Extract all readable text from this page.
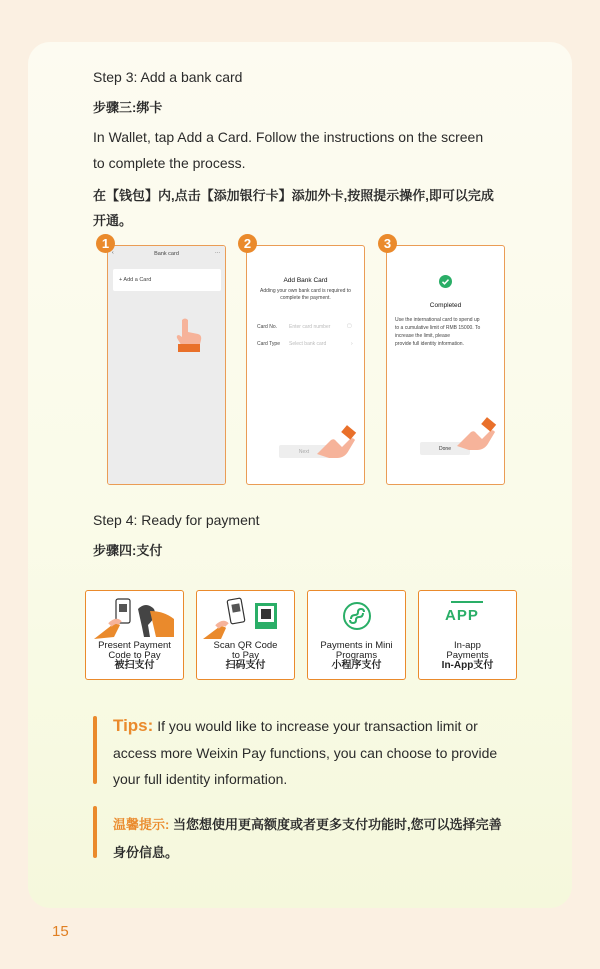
Step 3: Add a bank card
步骤三:绑卡
In Wallet, tap Add a Card. Follow the instructions on the screen
to complete the process.
在【钱包】内,点击【添加银行卡】添加外卡,按照提示操作,即可以完成
开通。
‹	Bank card	···
+ Add a Card	Add Bank Card
Adding your own bank card is required to
complete the payment.
Card No. Enter card number	▢
Card Type Select bank card	›
Next
Completed
Use the international card to spend up
to a cumulative limit of RMB 15000. To
increase the limit, please
provide full identity information.
Done
1	2	3
Step 4: Ready for payment
步骤四:支付
Present Payment
Code to Pay
被扫支付
Scan QR Code
to Pay
扫码支付
Payments in Mini
Programs
小程序支付
APP
In-app
Payments
In-App支付
Tips: If you would like to increase your transaction limit or
access more Weixin Pay functions, you can choose to provide
your full identity information.
温馨提示: 当您想使用更高额度或者更多支付功能时,您可以选择完善
身份信息。
15
